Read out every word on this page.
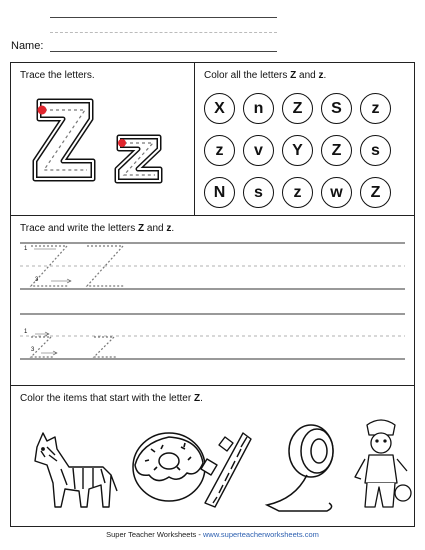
Name:
Trace the letters.	Color all the letters Z and z.
X	n	Z	S	z
z	v	Y	Z	s
N	s	z	w	Z
Trace and write the letters Z and z.
1
3
1
3
Color the items that start with the letter Z.
Super Teacher Worksheets - www.superteacherworksheets.com
